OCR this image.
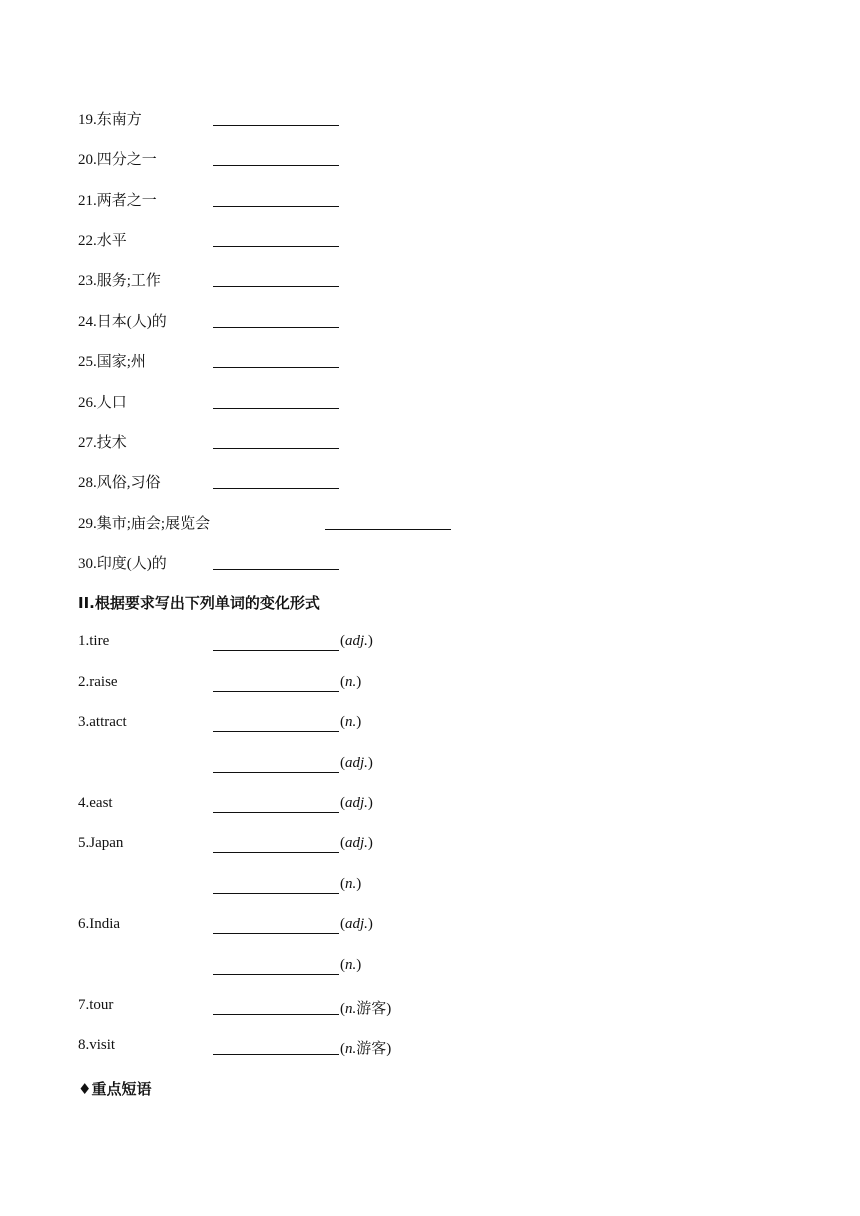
19.东南方
20.四分之一
21.两者之一
22.水平
23.服务;工作
24.日本(人)的
25.国家;州
26.人口
27.技术
28.风俗,习俗
29.集市;庙会;展览会
30.印度(人)的
II.根据要求写出下列单词的变化形式
1.tire	(adj.)
2.raise	(n.)
3.attract	(n.)
(adj.)
4.east	(adj.)
5.Japan	(adj.)
(n.)
6.India	(adj.)
(n.)
7.tour	(n.游客)
8.visit	(n.游客)
♦重点短语
